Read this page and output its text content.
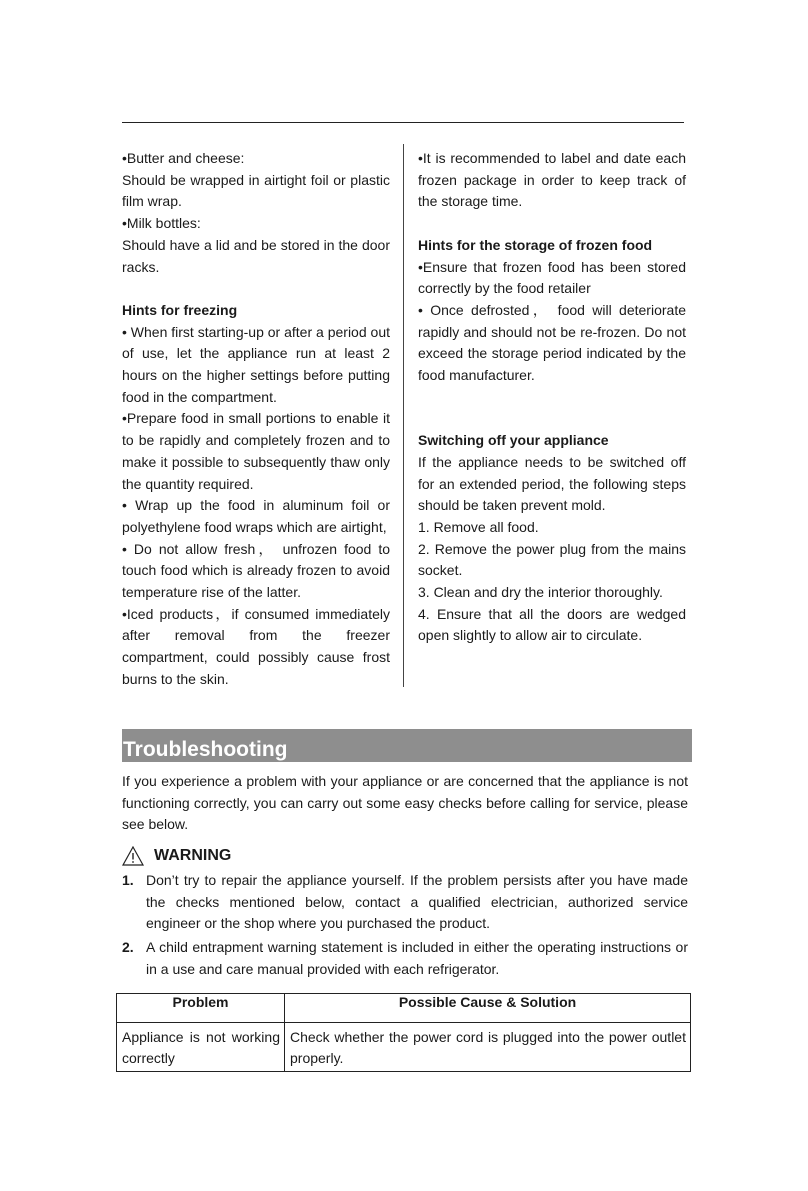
•Butter and cheese:

Should be wrapped in airtight foil or plastic film wrap.

•Milk bottles:

Should have a lid and be stored in the door racks.

Hints for freezing

• When first starting-up or after a period out of use, let the appliance run at least 2 hours on the higher settings before putting food in the compartment.

•Prepare food in small portions to enable it to be rapidly and completely frozen and to make it possible to subsequently thaw only the quantity required.

• Wrap up the food in aluminum foil or polyethylene food wraps which are airtight,

• Do not allow fresh， unfrozen food to touch food which is already frozen to avoid temperature rise of the latter.

•Iced products，if consumed immediately after removal from the freezer compartment, could possibly cause frost burns to the skin.

•It is recommended to label and date each frozen package in order to keep track of the storage time.

Hints for the storage of frozen food

•Ensure that frozen food has been stored correctly by the food retailer

• Once defrosted， food will deteriorate rapidly and should not be re-frozen. Do not exceed the storage period indicated by the food manufacturer.

Switching off your appliance

If the appliance needs to be switched off for an extended period, the following steps should be taken prevent mold.

1. Remove all food.

2. Remove the power plug from the mains socket.

3. Clean and dry the interior thoroughly.

4. Ensure that all the doors are wedged open slightly to allow air to circulate.

Troubleshooting

If you experience a problem with your appliance or are concerned that the appliance is not functioning correctly, you can carry out some easy checks before calling for service, please see below.

WARNING
1. Don’t try to repair the appliance yourself. If the problem persists after you have made the checks mentioned below, contact a qualified electrician, authorized service engineer or the shop where you purchased the product.
2. A child entrapment warning statement is included in either the operating instructions or in a use and care manual provided with each refrigerator.
Problem	Possible Cause & Solution
Appliance is not working correctly	Check whether the power cord is plugged into the power outlet properly.
